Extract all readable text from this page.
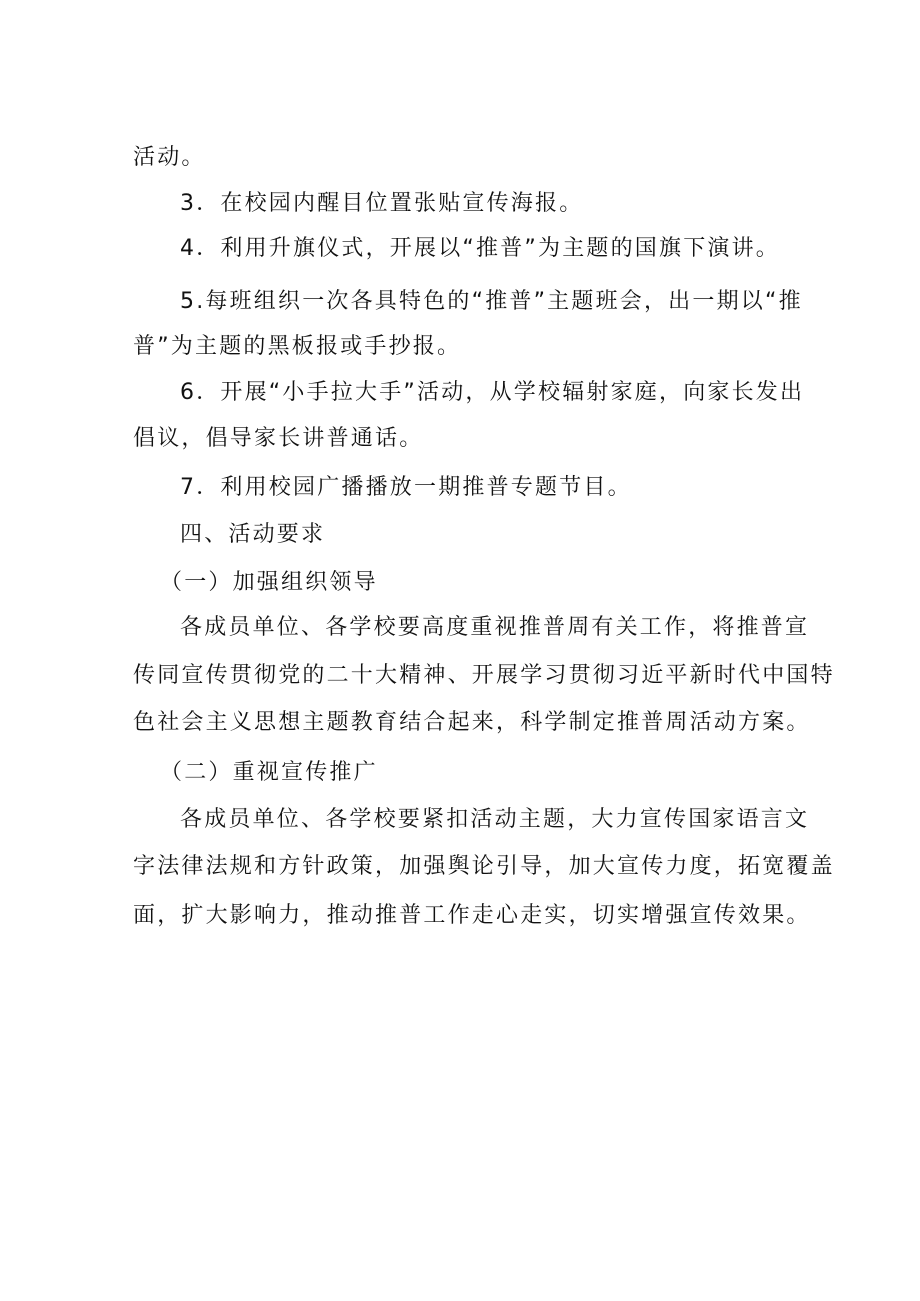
活动。
3．在校园内醒目位置张贴宣传海报。
4．利用升旗仪式，开展以“推普”为主题的国旗下演讲。
5.每班组织一次各具特色的“推普”主题班会，出一期以“推
普”为主题的黑板报或手抄报。
6．开展“小手拉大手”活动，从学校辐射家庭，向家长发出
倡议，倡导家长讲普通话。
7．利用校园广播播放一期推普专题节目。
四、活动要求
（一）加强组织领导
各成员单位、各学校要高度重视推普周有关工作，将推普宣
传同宣传贯彻党的二十大精神、开展学习贯彻习近平新时代中国特
色社会主义思想主题教育结合起来，科学制定推普周活动方案。
（二）重视宣传推广
各成员单位、各学校要紧扣活动主题，大力宣传国家语言文
字法律法规和方针政策，加强舆论引导，加大宣传力度，拓宽覆盖
面，扩大影响力，推动推普工作走心走实，切实增强宣传效果。
